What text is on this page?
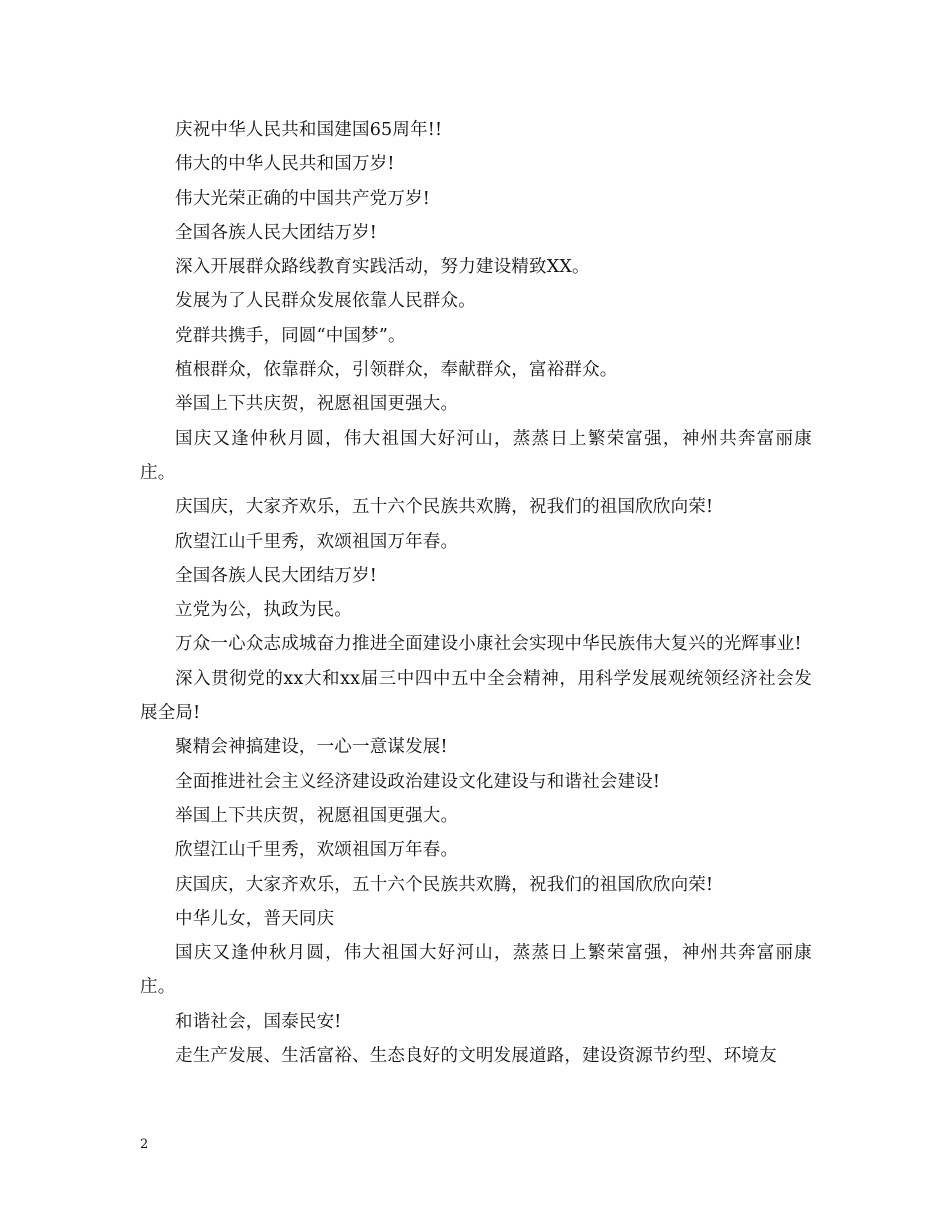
庆祝中华人民共和国建国65周年!!

伟大的中华人民共和国万岁!

伟大光荣正确的中国共产党万岁!

全国各族人民大团结万岁!

深入开展群众路线教育实践活动，努力建设精致XX。

发展为了人民群众发展依靠人民群众。

党群共携手，同圆“中国梦”。

植根群众，依靠群众，引领群众，奉献群众，富裕群众。

举国上下共庆贺，祝愿祖国更强大。

国庆又逢仲秋月圆，伟大祖国大好河山，蒸蒸日上繁荣富强，神州共奔富丽康庄。

庆国庆，大家齐欢乐，五十六个民族共欢腾，祝我们的祖国欣欣向荣!

欣望江山千里秀，欢颂祖国万年春。

全国各族人民大团结万岁!

立党为公，执政为民。

万众一心众志成城奋力推进全面建设小康社会实现中华民族伟大复兴的光辉事业!

深入贯彻党的xx大和xx届三中四中五中全会精神，用科学发展观统领经济社会发展全局!

聚精会神搞建设，一心一意谋发展!

全面推进社会主义经济建设政治建设文化建设与和谐社会建设!

举国上下共庆贺，祝愿祖国更强大。

欣望江山千里秀，欢颂祖国万年春。

庆国庆，大家齐欢乐，五十六个民族共欢腾，祝我们的祖国欣欣向荣!

中华儿女，普天同庆

国庆又逢仲秋月圆，伟大祖国大好河山，蒸蒸日上繁荣富强，神州共奔富丽康庄。

和谐社会，国泰民安!

走生产发展、生活富裕、生态良好的文明发展道路，建设资源节约型、环境友

2
